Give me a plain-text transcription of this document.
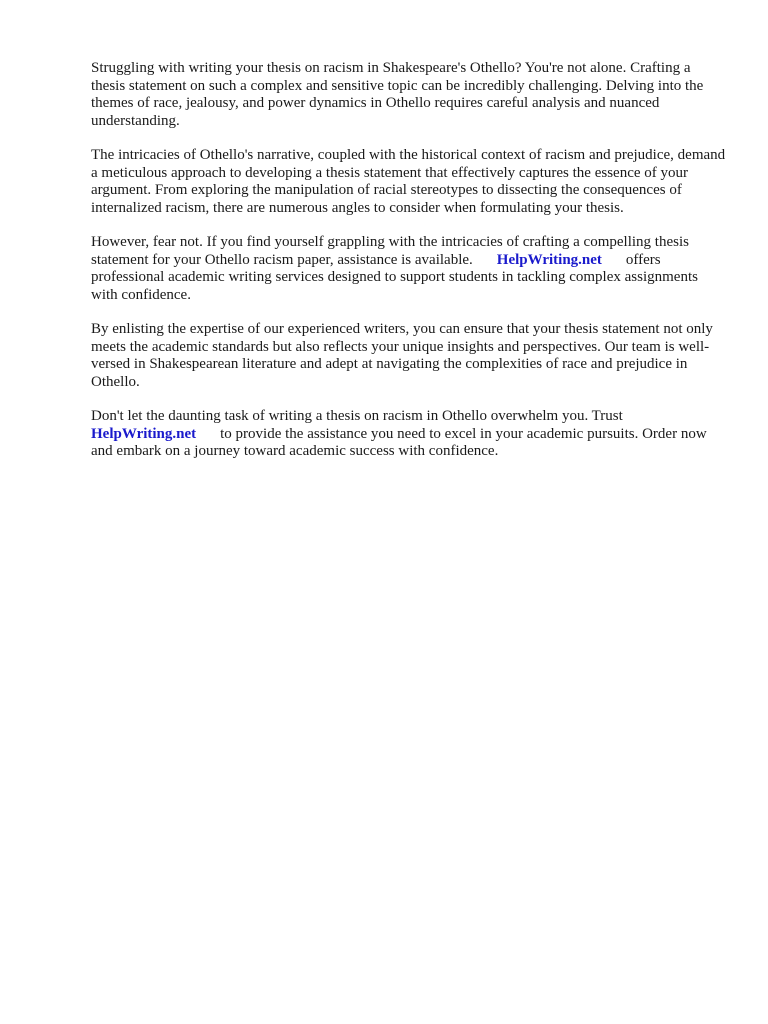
Struggling with writing your thesis on racism in Shakespeare's Othello? You're not alone. Crafting a thesis statement on such a complex and sensitive topic can be incredibly challenging. Delving into the themes of race, jealousy, and power dynamics in Othello requires careful analysis and nuanced understanding.

The intricacies of Othello's narrative, coupled with the historical context of racism and prejudice, demand a meticulous approach to developing a thesis statement that effectively captures the essence of your argument. From exploring the manipulation of racial stereotypes to dissecting the consequences of internalized racism, there are numerous angles to consider when formulating your thesis.

However, fear not. If you find yourself grappling with the intricacies of crafting a compelling thesis statement for your Othello racism paper, assistance is available. HelpWriting.net offers professional academic writing services designed to support students in tackling complex assignments with confidence.

By enlisting the expertise of our experienced writers, you can ensure that your thesis statement not only meets the academic standards but also reflects your unique insights and perspectives. Our team is well-versed in Shakespearean literature and adept at navigating the complexities of race and prejudice in Othello.

Don't let the daunting task of writing a thesis on racism in Othello overwhelm you. Trust
HelpWriting.net to provide the assistance you need to excel in your academic pursuits. Order now and embark on a journey toward academic success with confidence.
